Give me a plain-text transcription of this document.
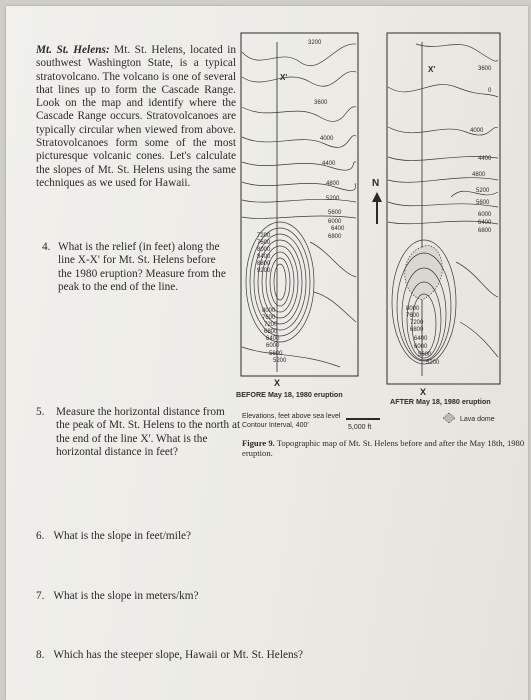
Mt. St. Helens: Mt. St. Helens, located in southwest Washington State, is a typical stratovolcano. The volcano is one of several that lines up to form the Cascade Range. Look on the map and identify where the Cascade Range occurs. Stratovolcanoes are typically circular when viewed from above. Stratovolcanoes form some of the most picturesque volcanic cones. Let's calculate the slopes of Mt. St. Helens using the same techniques as we used for Hawaii.
4. What is the relief (in feet) along the line X-X' for Mt. St. Helens before the 1980 eruption? Measure from the peak to the end of the line.
5. Measure the horizontal distance from the peak of Mt. St. Helens to the north at the end of the line X'. What is the horizontal distance in feet?
6. What is the slope in feet/mile?
7. What is the slope in meters/km?
8. Which has the steeper slope, Hawaii or Mt. St. Helens?
3200
3600
4000
4400
4800
5200
5600
6000
6400
6800
7200
7600
8000
8400
8800
9200
8000
7600
7200
6800
6400
6000
5600
5200
X'
X
BEFORE May 18, 1980 eruption
N
3600
0
4000
4400
4800
5200
5600
6000
6400
6800
8000
7600
7200
6800
6400
6000
5600
5200
X'
X
AFTER May 18, 1980 eruption
Elevations, feet above sea level
Contour Interval, 400'	5,000 ft
Lava dome
Figure 9. Topographic map of Mt. St. Helens before and after the May 18th, 1980 eruption.
